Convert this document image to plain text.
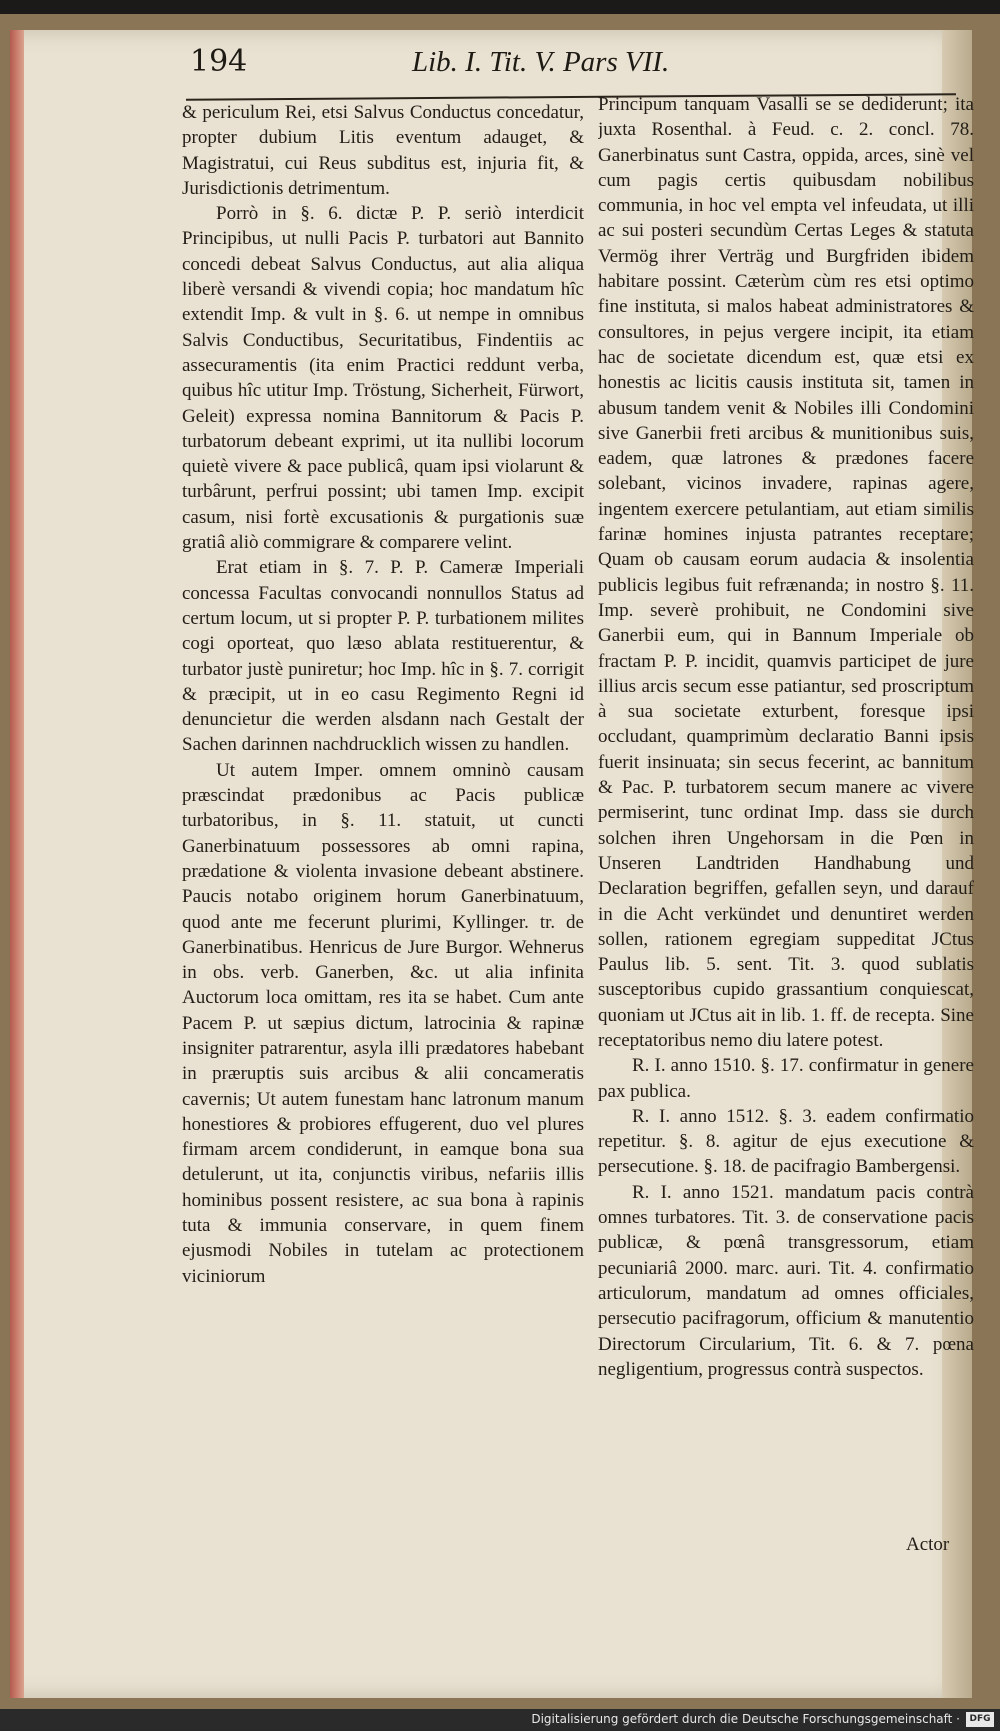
194	Lib. I. Tit. V. Pars VII.

& periculum Rei, etsi Salvus Conductus concedatur, propter dubium Litis eventum adauget, & Magistratui, cui Reus subditus est, injuria fit, & Jurisdictionis detrimentum.

Porrò in §. 6. dictæ P. P. seriò interdicit Principibus, ut nulli Pacis P. turbatori aut Bannito concedi debeat Salvus Conductus, aut alia aliqua liberè versandi & vivendi copia; hoc mandatum hîc extendit Imp. & vult in §. 6. ut nempe in omnibus Salvis Conductibus, Securitatibus, Findentiis ac assecuramentis (ita enim Practici reddunt verba, quibus hîc utitur Imp. Tröstung, Sicherheit, Fürwort, Geleit) expressa nomina Bannitorum & Pacis P. turbatorum debeant exprimi, ut ita nullibi locorum quietè vivere & pace publicâ, quam ipsi violarunt & turbârunt, perfrui possint; ubi tamen Imp. excipit casum, nisi fortè excusationis & purgationis suæ gratiâ aliò commigrare & comparere velint.

Erat etiam in §. 7. P. P. Cameræ Imperiali concessa Facultas convocandi nonnullos Status ad certum locum, ut si propter P. P. turbationem milites cogi oporteat, quo læso ablata restituerentur, & turbator justè puniretur; hoc Imp. hîc in §. 7. corrigit & præcipit, ut in eo casu Regimento Regni id denuncietur die werden alsdann nach Gestalt der Sachen darinnen nachdrucklich wissen zu handlen.

Ut autem Imper. omnem omninò causam præscindat prædonibus ac Pacis publicæ turbatoribus, in §. 11. statuit, ut cuncti Ganerbinatuum possessores ab omni rapina, prædatione & violenta invasione debeant abstinere. Paucis notabo originem horum Ganerbinatuum, quod ante me fecerunt plurimi, Kyllinger. tr. de Ganerbinatibus. Henricus de Jure Burgor. Wehnerus in obs. verb. Ganerben, &c. ut alia infinita Auctorum loca omittam, res ita se habet. Cum ante Pacem P. ut sæpius dictum, latrocinia & rapinæ insigniter patrarentur, asyla illi prædatores habebant in præruptis suis arcibus & alii concameratis cavernis; Ut autem funestam hanc latronum manum honestiores & probiores effugerent, duo vel plures firmam arcem condiderunt, in eamque bona sua detulerunt, ut ita, conjunctis viribus, nefariis illis hominibus possent resistere, ac sua bona à rapinis tuta & immunia conservare, in quem finem ejusmodi Nobiles in tutelam ac protectionem viciniorum

Principum tanquam Vasalli se se dediderunt; ita juxta Rosenthal. à Feud. c. 2. concl. 78. Ganerbinatus sunt Castra, oppida, arces, sinè vel cum pagis certis quibusdam nobilibus communia, in hoc vel empta vel infeudata, ut illi ac sui posteri secundùm Certas Leges & statuta Vermög ihrer Verträg und Burgfriden ibidem habitare possint. Cæterùm cùm res etsi optimo fine instituta, si malos habeat administratores & consultores, in pejus vergere incipit, ita etiam hac de societate dicendum est, quæ etsi ex honestis ac licitis causis instituta sit, tamen in abusum tandem venit & Nobiles illi Condomini sive Ganerbii freti arcibus & munitionibus suis, eadem, quæ latrones & prædones facere solebant, vicinos invadere, rapinas agere, ingentem exercere petulantiam, aut etiam similis farinæ homines injusta patrantes receptare; Quam ob causam eorum audacia & insolentia publicis legibus fuit refrænanda; in nostro §. 11. Imp. severè prohibuit, ne Condomini sive Ganerbii eum, qui in Bannum Imperiale ob fractam P. P. incidit, quamvis participet de jure illius arcis secum esse patiantur, sed proscriptum à sua societate exturbent, foresque ipsi occludant, quamprimùm declaratio Banni ipsis fuerit insinuata; sin secus fecerint, ac bannitum & Pac. P. turbatorem secum manere ac vivere permiserint, tunc ordinat Imp. dass sie durch solchen ihren Ungehorsam in die Pœn in Unseren Landtriden Handhabung und Declaration begriffen, gefallen seyn, und darauf in die Acht verkündet und denuntiret werden sollen, rationem egregiam suppeditat JCtus Paulus lib. 5. sent. Tit. 3. quod sublatis susceptoribus cupido grassantium conquiescat, quoniam ut JCtus ait in lib. 1. ff. de recepta. Sine receptatoribus nemo diu latere potest.

R. I. anno 1510. §. 17. confirmatur in genere pax publica.

R. I. anno 1512. §. 3. eadem confirmatio repetitur. §. 8. agitur de ejus executione & persecutione. §. 18. de pacifragio Bambergensi.

R. I. anno 1521. mandatum pacis contrà omnes turbatores. Tit. 3. de conservatione pacis publicæ, & pœnâ transgressorum, etiam pecuniariâ 2000. marc. auri. Tit. 4. confirmatio articulorum, mandatum ad omnes officiales, persecutio pacifragorum, officium & manutentio Directorum Circularium, Tit. 6. & 7. pœna negligentium, progressus contrà suspectos.

Actor
Digitalisierung gefördert durch die Deutsche Forschungsgemeinschaft ·	DFG
